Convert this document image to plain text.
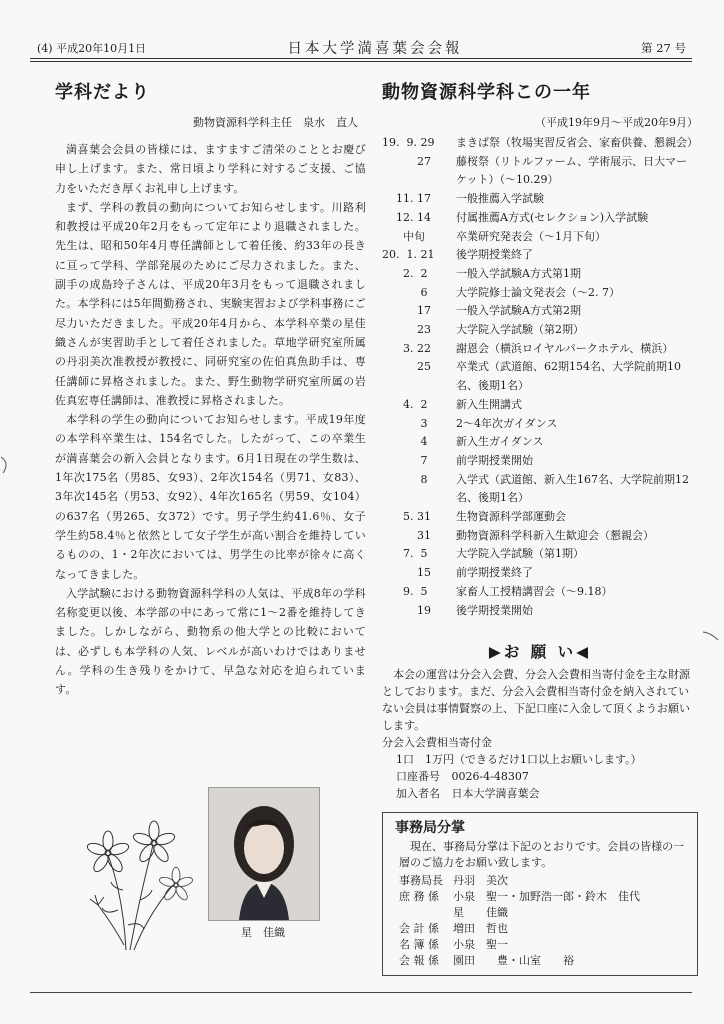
(4) 平成20年10月1日	日本大学満喜葉会会報	第 27 号
学科だより
動物資源科学科主任　泉水　直人

満喜葉会会員の皆様には、ますますご清栄のこととお慶び申し上げます。また、常日頃より学科に対するご支援、ご協力をいただき厚くお礼申し上げます。

まず、学科の教員の動向についてお知らせします。川路利和教授は平成20年2月をもって定年により退職されました。先生は、昭和50年4月専任講師として着任後、約33年の長きに亘って学科、学部発展のためにご尽力されました。また、副手の成島玲子さんは、平成20年3月をもって退職されました。本学科には5年間勤務され、実験実習および学科事務にご尽力いただきました。平成20年4月から、本学科卒業の星佳織さんが実習助手として着任されました。草地学研究室所属の丹羽美次准教授が教授に、同研究室の佐伯真魚助手は、専任講師に昇格されました。また、野生動物学研究室所属の岩佐真宏専任講師は、准教授に昇格されました。

本学科の学生の動向についてお知らせします。平成19年度の本学科卒業生は、154名でした。したがって、この卒業生が満喜葉会の新入会員となります。6月1日現在の学生数は、1年次175名（男85、女93）、2年次154名（男71、女83）、3年次145名（男53、女92）、4年次165名（男59、女104）の637名（男265、女372）です。男子学生約41.6％、女子学生約58.4％と依然として女子学生が高い割合を維持しているものの、1・2年次においては、男学生の比率が徐々に高くなってきました。

入学試験における動物資源科学科の人気は、平成8年の学科名称変更以後、本学部の中にあって常に1～2番を維持してきました。しかしながら、動物系の他大学との比較においては、必ずしも本学科の人気、レベルが高いわけではありません。学科の生き残りをかけて、早急な対応を迫られています。

星　佳織
動物資源科学科この一年
（平成19年9月～平成20年9月）
19.  9. 29	まきば祭（牧場実習反省会、家畜供養、懇親会）
27	藤桜祭（リトルファーム、学術展示、日大マーケット）（～10.29）
11. 17	一般推薦入学試験
12. 14	付属推薦A方式(セレクション)入学試験
中旬	卒業研究発表会（～1月下旬）
20.  1. 21	後学期授業終了
2.  2	一般入学試験A方式第1期
6	大学院修士論文発表会（～2. 7）
17	一般入学試験A方式第2期
23	大学院入学試験（第2期）
3. 22	謝恩会（横浜ロイヤルパークホテル、横浜）
25	卒業式（武道館、62期154名、大学院前期10名、後期1名）
4.  2	新入生開講式
3	2～4年次ガイダンス
4	新入生ガイダンス
7	前学期授業開始
8	入学式（武道館、新入生167名、大学院前期12名、後期1名）
5. 31	生物資源科学部運動会
31	動物資源科学科新入生歓迎会（懇親会）
7.  5	大学院入学試験（第1期）
15	前学期授業終了
9.  5	家畜人工授精講習会（～9.18）
19	後学期授業開始
▶お 願 い◀

本会の運営は分会入会費、分会入会費相当寄付金を主な財源としております。まだ、分会入会費相当寄付金を納入されていない会員は事情賢察の上、下記口座に入金して頂くようお願いします。

分会入会費相当寄付金
1口　1万円（できるだけ1口以上お願いします。）
口座番号 0026-4-48307
加入者名 日本大学満喜葉会
事務局分掌

現在、事務局分掌は下記のとおりです。会員の皆様の一層のご協力をお願い致します。

事務局長 丹羽　美次
庶 務 係	小泉　聖一・加野浩一郎・鈴木　佳代
星　　佳織
会 計 係	増田　哲也
名 簿 係	小泉　聖一
会 報 係	園田　　豊・山室　　裕
